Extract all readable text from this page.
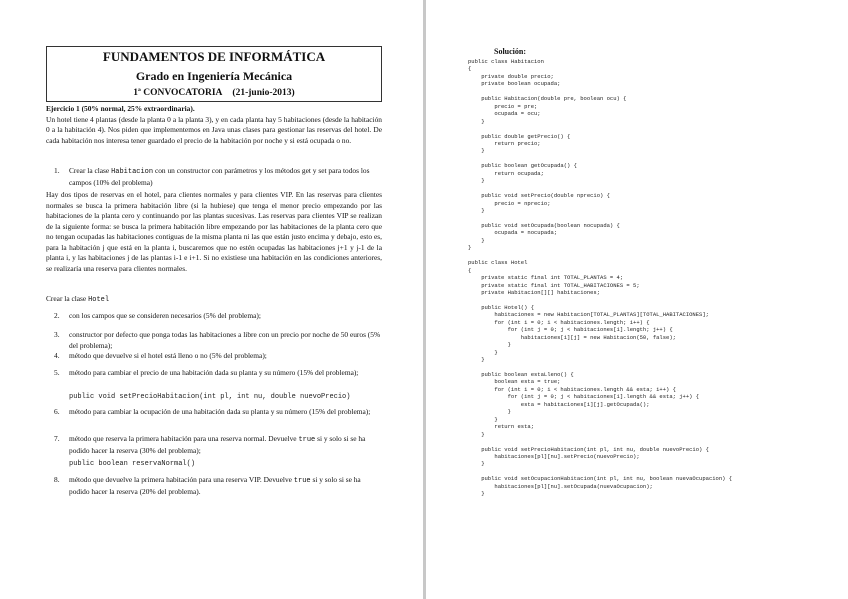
FUNDAMENTOS DE INFORMÁTICA
Grado en Ingeniería Mecánica
1ª CONVOCATORIA (21-junio-2013)

Ejercicio 1 (50% normal, 25% extraordinaria).

Un hotel tiene 4 plantas (desde la planta 0 a la planta 3), y en cada planta hay 5 habitaciones (desde la habitación 0 a la habitación 4). Nos piden que implementemos en Java unas clases para gestionar las reservas del hotel. De cada habitación nos interesa tener guardado el precio de la habitación por noche y si está ocupada o no.

1.	Crear la clase Habitacion con un constructor con parámetros y los métodos get y set para todos los campos (10% del problema)

Hay dos tipos de reservas en el hotel, para clientes normales y para clientes VIP. En las reservas para clientes normales se busca la primera habitación libre (si la hubiese) que tenga el menor precio empezando por las habitaciones de la planta cero y continuando por las plantas sucesivas. Las reservas para clientes VIP se realizan de la siguiente forma: se busca la primera habitación libre empezando por las habitaciones de la planta cero que no tengan ocupadas las habitaciones contiguas de la misma planta ni las que están justo encima y debajo, esto es, para la habitación j que está en la planta i, buscaremos que no estén ocupadas las habitaciones j+1 y j-1 de la planta i, y las habitaciones j de las plantas i-1 e i+1. Si no existiese una habitación en las condiciones anteriores, se realizaría una reserva para clientes normales.

Crear la clase Hotel
2.	con los campos que se consideren necesarios (5% del problema);
3.	constructor por defecto que ponga todas las habitaciones a libre con un precio por noche de 50 euros (5% del problema);
4.	método que devuelve si el hotel está lleno o no (5% del problema);
5.	método para cambiar el precio de una habitación dada su planta y su número (15% del problema);
public void setPrecioHabitacion(int pl, int nu, double nuevoPrecio)
6.	método para cambiar la ocupación de una habitación dada su planta y su número (15% del problema);
7.	método que reserva la primera habitación para una reserva normal. Devuelve true si y solo si se ha podido hacer la reserva (30% del problema);
public boolean reservaNormal()
8.	método que devuelve la primera habitación para una reserva VIP. Devuelve true si y solo si se ha podido hacer la reserva (20% del problema).
Solución:
public class Habitacion
{
private double precio;
private boolean ocupada;

public Habitacion(double pre, boolean ocu) {
precio = pre;
ocupada = ocu;
}

public double getPrecio() {
return precio;
}

public boolean getOcupada() {
return ocupada;
}

public void setPrecio(double nprecio) {
precio = nprecio;
}

public void setOcupada(boolean nocupada) {
ocupada = nocupada;
}
}

public class Hotel
{
private static final int TOTAL_PLANTAS = 4;
private static final int TOTAL_HABITACIONES = 5;
private Habitacion[][] habitaciones;

public Hotel() {
habitaciones = new Habitacion[TOTAL_PLANTAS][TOTAL_HABITACIONES];
for (int i = 0; i < habitaciones.length; i++) {
for (int j = 0; j < habitaciones[i].length; j++) {
habitaciones[i][j] = new Habitacion(50, false);
}
}
}

public boolean estaLleno() {
boolean esta = true;
for (int i = 0; i < habitaciones.length && esta; i++) {
for (int j = 0; j < habitaciones[i].length && esta; j++) {
esta = habitaciones[i][j].getOcupada();
}
}
return esta;
}

public void setPrecioHabitacion(int pl, int nu, double nuevoPrecio) {
habitaciones[pl][nu].setPrecio(nuevoPrecio);
}

public void setOcupacionHabitacion(int pl, int nu, boolean nuevaOcupacion) {
habitaciones[pl][nu].setOcupada(nuevaOcupacion);
}
